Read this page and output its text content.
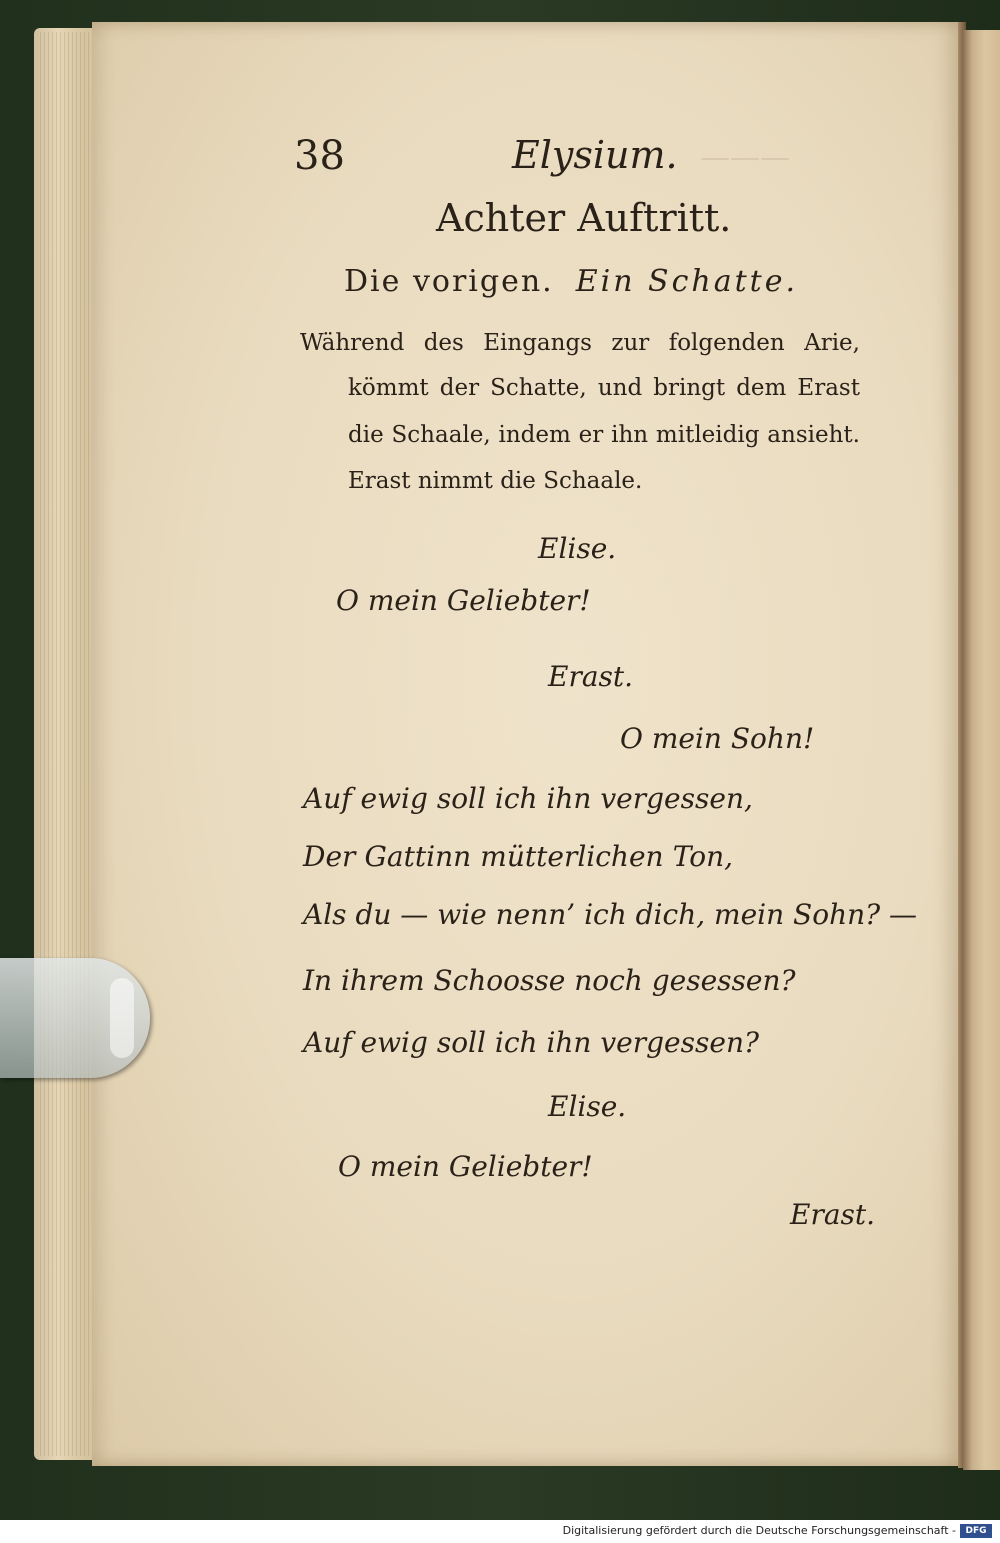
———
38	Elysium.
Achter Auftritt.
Die vorigen. Ein Schatte.
Während des Eingangs zur folgenden Arie,
kömmt der Schatte, und bringt dem Erast
die Schaale, indem er ihn mitleidig ansieht.
Erast nimmt die Schaale.
Elise.
O mein Geliebter!
Erast.
O mein Sohn!
Auf ewig soll ich ihn vergessen,
Der Gattinn mütterlichen Ton,
Als du — wie nenn’ ich dich, mein Sohn? —
In ihrem Schoosse noch gesessen?
Auf ewig soll ich ihn vergessen?
Elise.
O mein Geliebter!
Erast.
Digitalisierung gefördert durch die Deutsche Forschungsgemeinschaft -	DFG
